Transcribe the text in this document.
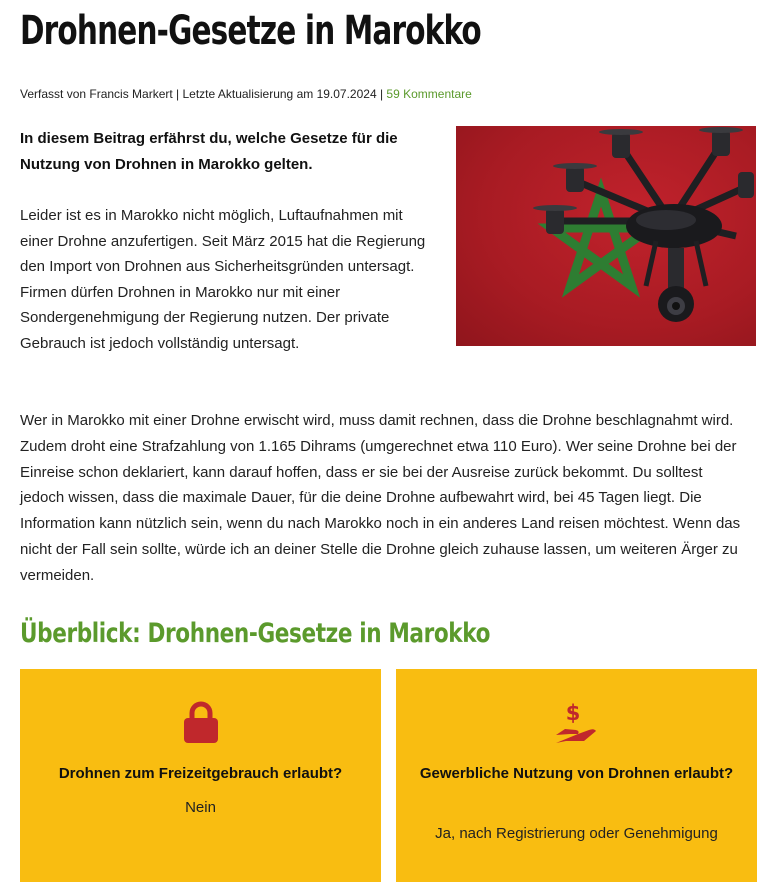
Drohnen-Gesetze in Marokko
Verfasst von Francis Markert | Letzte Aktualisierung am 19.07.2024 | 59 Kommentare

In diesem Beitrag erfährst du, welche Gesetze für die Nutzung von Drohnen in Marokko gelten.

Leider ist es in Marokko nicht möglich, Luftaufnahmen mit einer Drohne anzufertigen. Seit März 2015 hat die Regierung den Import von Drohnen aus Sicherheitsgründen untersagt. Firmen dürfen Drohnen in Marokko nur mit einer Sondergenehmigung der Regierung nutzen. Der private Gebrauch ist jedoch vollständig untersagt.

Wer in Marokko mit einer Drohne erwischt wird, muss damit rechnen, dass die Drohne beschlagnahmt wird. Zudem droht eine Strafzahlung von 1.165 Dihrams (umgerechnet etwa 110 Euro). Wer seine Drohne bei der Einreise schon deklariert, kann darauf hoffen, dass er sie bei der Ausreise zurück bekommt. Du solltest jedoch wissen, dass die maximale Dauer, für die deine Drohne aufbewahrt wird, bei 45 Tagen liegt. Die Information kann nützlich sein, wenn du nach Marokko noch in ein anderes Land reisen möchtest. Wenn das nicht der Fall sein sollte, würde ich an deiner Stelle die Drohne gleich zuhause lassen, um weiteren Ärger zu vermeiden.

Überblick: Drohnen-Gesetze in Marokko

Drohnen zum Freizeitgebrauch erlaubt?

Nein

$

Gewerbliche Nutzung von Drohnen erlaubt?

Ja, nach Registrierung oder Genehmigung
